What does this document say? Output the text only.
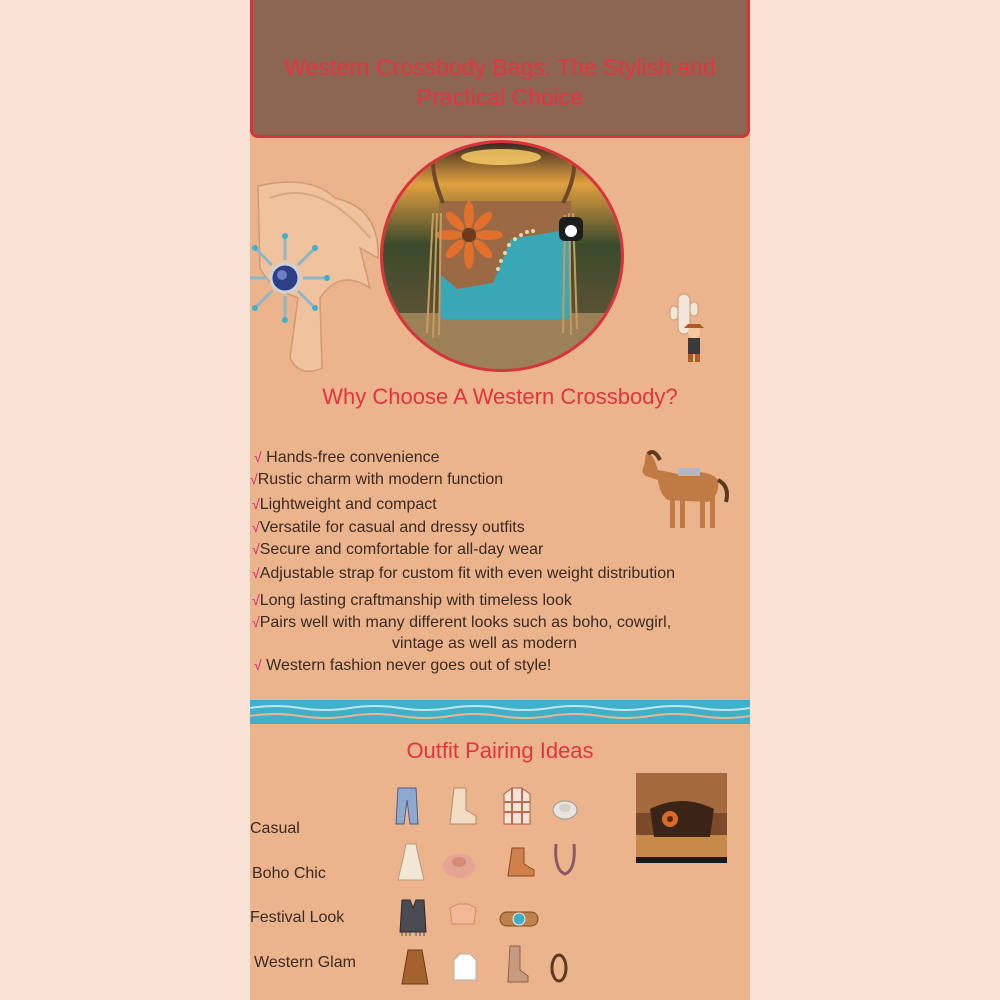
Western Crossbody Bags: The Stylish and Practical Choice
Why Choose A Western Crossbody?
√ Hands-free convenience
√Rustic charm with modern function
√Lightweight and compact
√Versatile for casual and dressy outfits
√Secure and comfortable for all-day wear
√Adjustable strap for custom fit with even weight distribution
√Long lasting craftmanship with timeless look
√Pairs well with many different looks such as boho, cowgirl,
vintage as well as modern
√ Western fashion never goes out of style!
Outfit Pairing Ideas
Casual
Boho Chic
Festival Look
Western Glam
